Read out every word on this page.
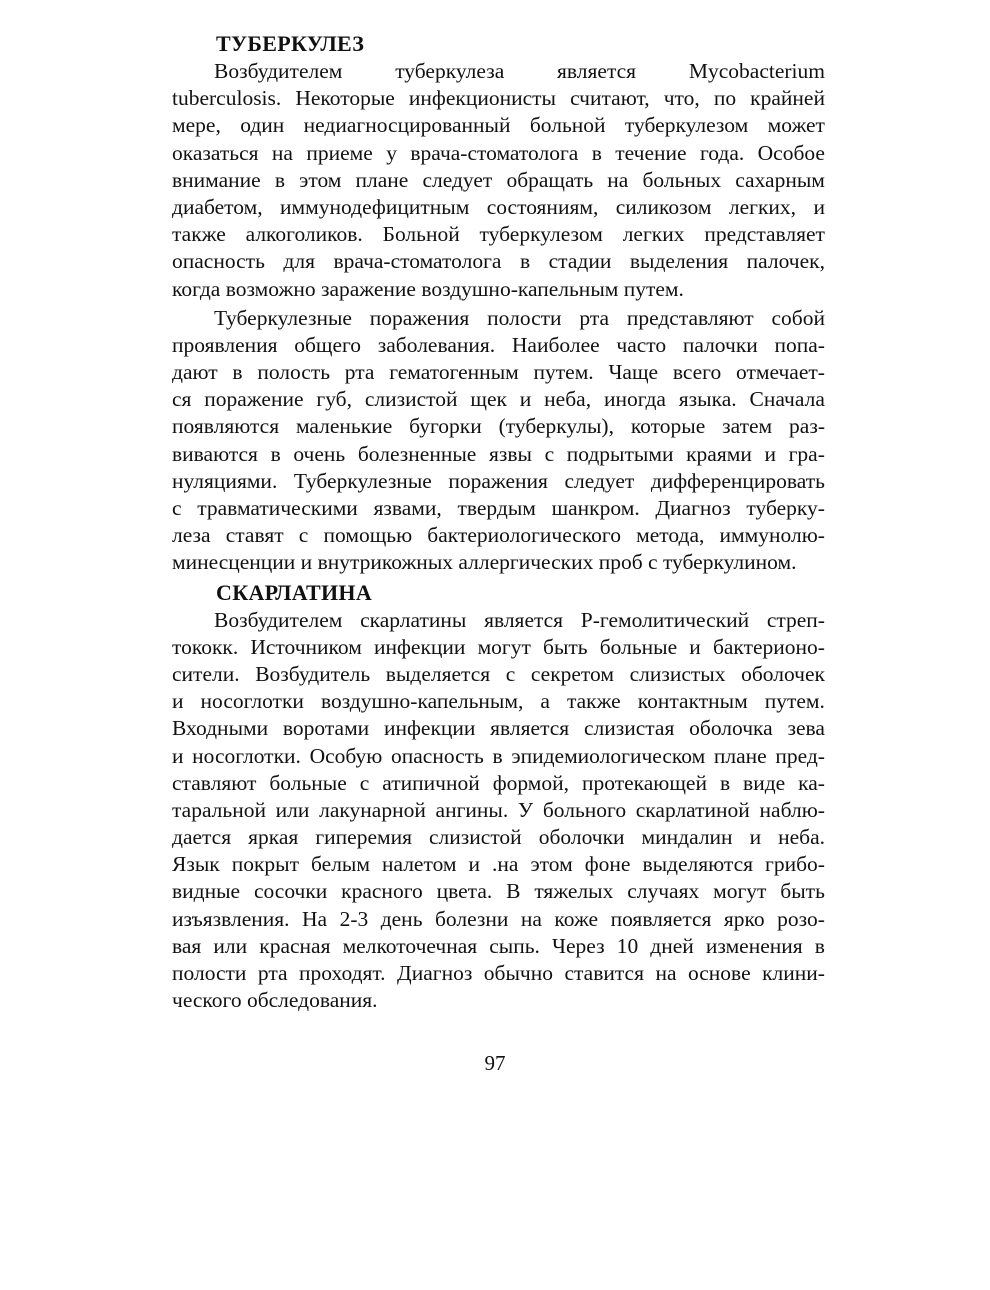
ТУБЕРКУЛЕЗ
Возбудителем туберкулеза является Mycobacterium
tuberculosis. Некоторые инфекционисты считают, что, по крайней
мере, один недиагносцированный больной туберкулезом может
оказаться на приеме у врача-стоматолога в течение года. Особое
внимание в этом плане следует обращать на больных сахарным
диабетом, иммунодефицитным состояниям, силикозом легких, и
также алкоголиков. Больной туберкулезом легких представляет
опасность для врача-стоматолога в стадии выделения палочек,
когда возможно заражение воздушно-капельным путем.
Туберкулезные поражения полости рта представляют собой
проявления общего заболевания. Наиболее часто палочки попа-
дают в полость рта гематогенным путем. Чаще всего отмечает-
ся поражение губ, слизистой щек и неба, иногда языка. Сначала
появляются маленькие бугорки (туберкулы), которые затем раз-
виваются в очень болезненные язвы с подрытыми краями и гра-
нуляциями. Туберкулезные поражения следует дифференцировать
с травматическими язвами, твердым шанкром. Диагноз туберку-
леза ставят с помощью бактериологического метода, иммунолю-
минесценции и внутрикожных аллергических проб с туберкулином.
СКАРЛАТИНА
Возбудителем скарлатины является Р-гемолитический стреп-
тококк. Источником инфекции могут быть больные и бактерионо-
сители. Возбудитель выделяется с секретом слизистых оболочек
и носоглотки воздушно-капельным, а также контактным путем.
Входными воротами инфекции является слизистая оболочка зева
и носоглотки. Особую опасность в эпидемиологическом плане пред-
ставляют больные с атипичной формой, протекающей в виде ка-
таральной или лакунарной ангины. У больного скарлатиной наблю-
дается яркая гиперемия слизистой оболочки миндалин и неба.
Язык покрыт белым налетом и .на этом фоне выделяются грибо-
видные сосочки красного цвета. В тяжелых случаях могут быть
изъязвления. На 2-3 день болезни на коже появляется ярко розо-
вая или красная мелкоточечная сыпь. Через 10 дней изменения в
полости рта проходят. Диагноз обычно ставится на основе клини-
ческого обследования.
97
